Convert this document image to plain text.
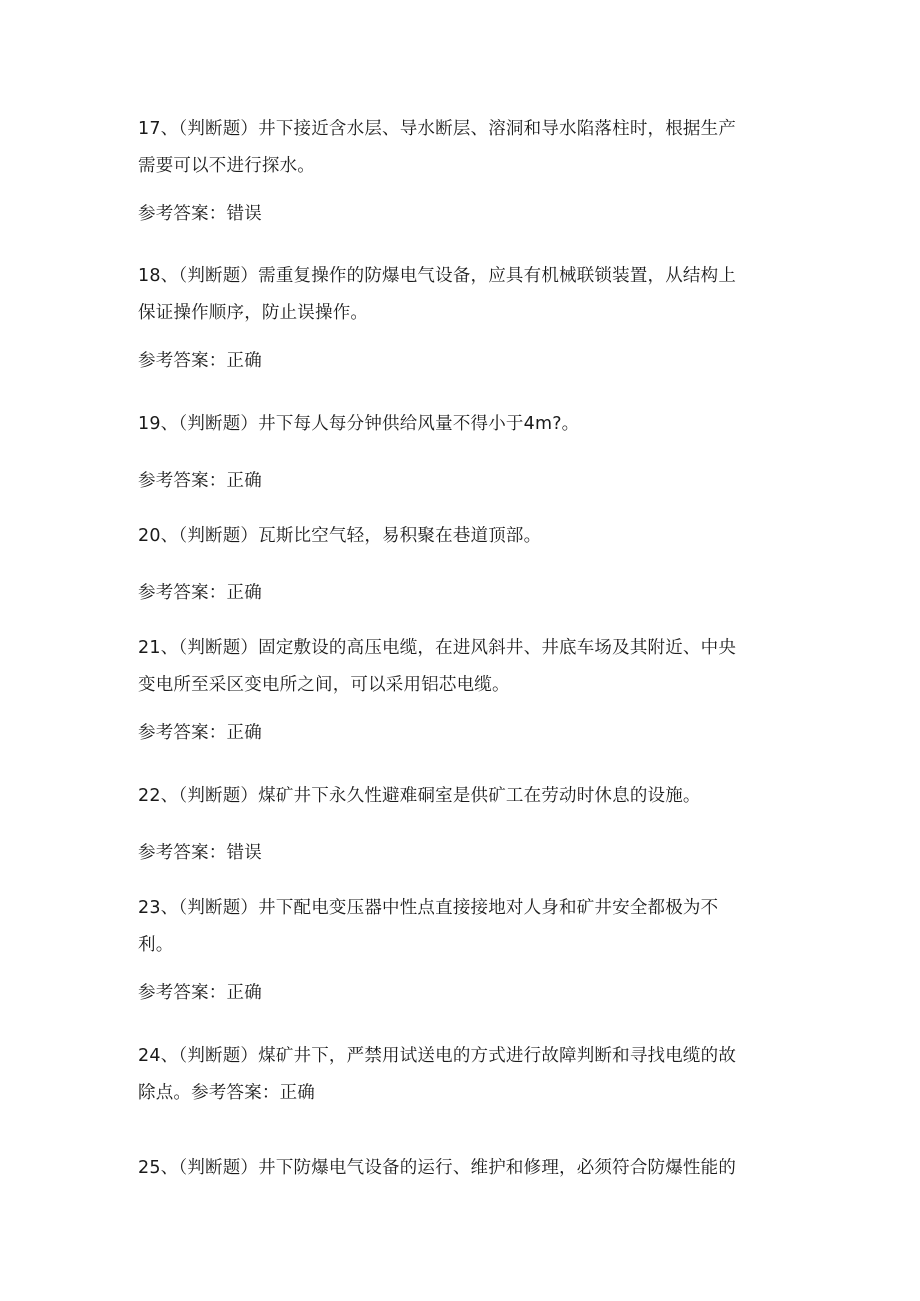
17、（判断题）井下接近含水层、导水断层、溶洞和导水陷落柱时，根据生产
需要可以不进行探水。
参考答案：错误
18、（判断题）需重复操作的防爆电气设备，应具有机械联锁装置，从结构上
保证操作顺序，防止误操作。
参考答案：正确
19、（判断题）井下每人每分钟供给风量不得小于4m?。
参考答案：正确
20、（判断题）瓦斯比空气轻，易积聚在巷道顶部。
参考答案：正确
21、（判断题）固定敷设的高压电缆，在进风斜井、井底车场及其附近、中央
变电所至采区变电所之间，可以采用铝芯电缆。
参考答案：正确
22、（判断题）煤矿井下永久性避难硐室是供矿工在劳动时休息的设施。
参考答案：错误
23、（判断题）井下配电变压器中性点直接接地对人身和矿井安全都极为不
利。
参考答案：正确
24、（判断题）煤矿井下，严禁用试送电的方式进行故障判断和寻找电缆的故
除点。参考答案：正确
25、（判断题）井下防爆电气设备的运行、维护和修理，必须符合防爆性能的
